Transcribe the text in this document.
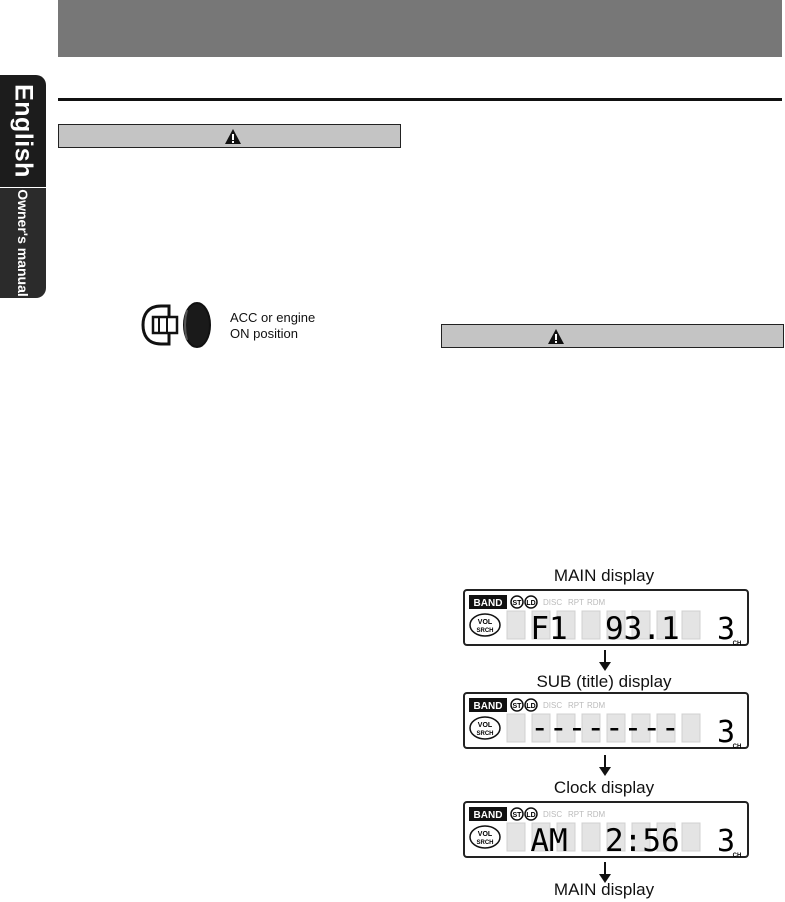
English
Owner's manual
ACC or engine
ON position
MAIN display
BAND ST LD DISC RPT RDM
VOL
SRCH F1  93.1 3
CH
SUB (title) display
BAND ST LD DISC RPT RDM
VOL
SRCH -------- 3
CH
Clock display
BAND ST LD DISC RPT RDM
VOL
SRCH AM  2:56 3
CH
MAIN display
